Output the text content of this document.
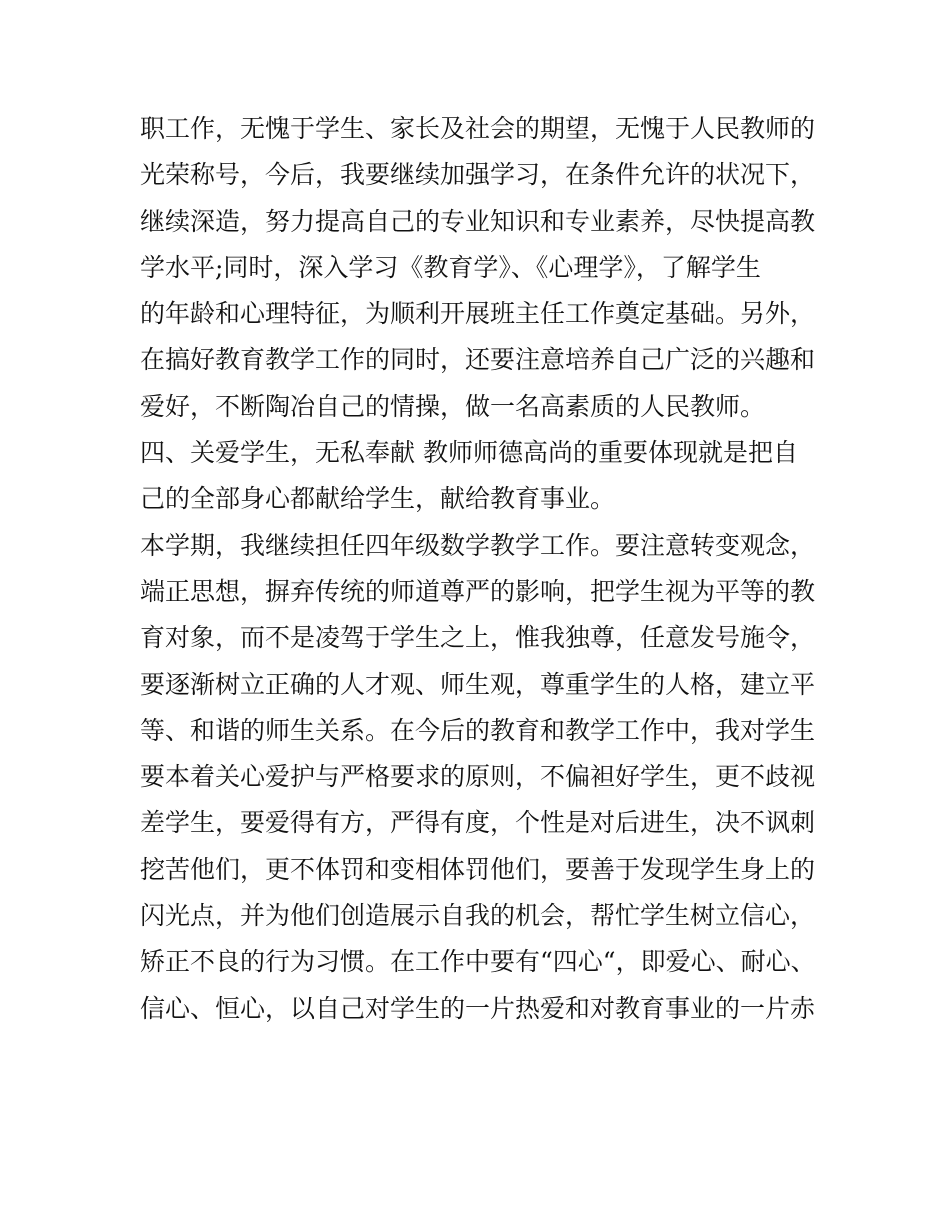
职工作，无愧于学生、家长及社会的期望，无愧于人民教师的
光荣称号，今后，我要继续加强学习，在条件允许的状况下，
继续深造，努力提高自己的专业知识和专业素养，尽快提高教
学水平;同时，深入学习《教育学》、《心理学》，了解学生
的年龄和心理特征，为顺利开展班主任工作奠定基础。另外，
在搞好教育教学工作的同时，还要注意培养自己广泛的兴趣和
爱好，不断陶冶自己的情操，做一名高素质的人民教师。
四、关爱学生，无私奉献 教师师德高尚的重要体现就是把自
己的全部身心都献给学生，献给教育事业。
本学期，我继续担任四年级数学教学工作。要注意转变观念，
端正思想，摒弃传统的师道尊严的影响，把学生视为平等的教
育对象，而不是凌驾于学生之上，惟我独尊，任意发号施令，
要逐渐树立正确的人才观、师生观，尊重学生的人格，建立平
等、和谐的师生关系。在今后的教育和教学工作中，我对学生
要本着关心爱护与严格要求的原则，不偏袒好学生，更不歧视
差学生，要爱得有方，严得有度，个性是对后进生，决不讽刺
挖苦他们，更不体罚和变相体罚他们，要善于发现学生身上的
闪光点，并为他们创造展示自我的机会，帮忙学生树立信心，
矫正不良的行为习惯。在工作中要有“四心“，即爱心、耐心、
信心、恒心，以自己对学生的一片热爱和对教育事业的一片赤
